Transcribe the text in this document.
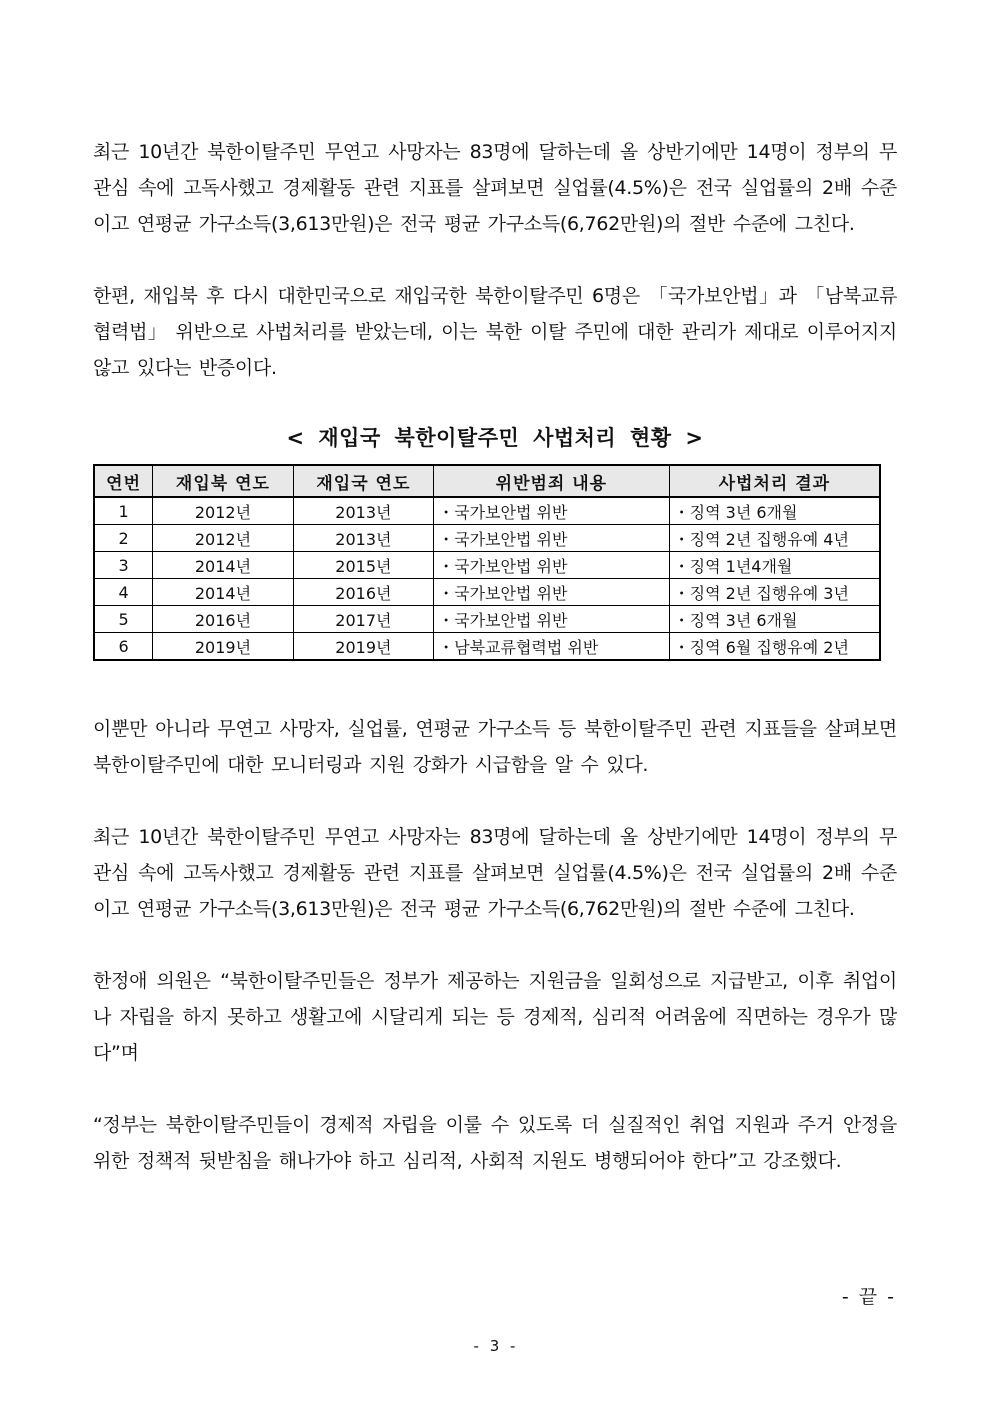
최근 10년간 북한이탈주민 무연고 사망자는 83명에 달하는데 올 상반기에만 14명이 정부의 무관심 속에 고독사했고 경제활동 관련 지표를 살펴보면 실업률(4.5%)은 전국 실업률의 2배 수준이고 연평균 가구소득(3,613만원)은 전국 평균 가구소득(6,762만원)의 절반 수준에 그친다.

한편, 재입북 후 다시 대한민국으로 재입국한 북한이탈주민 6명은 「국가보안법」과 「남북교류협력법」 위반으로 사법처리를 받았는데, 이는 북한 이탈 주민에 대한 관리가 제대로 이루어지지 않고 있다는 반증이다.

< 재입국 북한이탈주민 사법처리 현황 >
연번	재입북 연도	재입국 연도	위반범죄 내용	사법처리 결과
1	2012년	2013년	・국가보안법 위반	・징역 3년 6개월
2	2012년	2013년	・국가보안법 위반	・징역 2년 집행유예 4년
3	2014년	2015년	・국가보안법 위반	・징역 1년4개월
4	2014년	2016년	・국가보안법 위반	・징역 2년 집행유예 3년
5	2016년	2017년	・국가보안법 위반	・징역 3년 6개월
6	2019년	2019년	・남북교류협력법 위반	・징역 6월 집행유예 2년

이뿐만 아니라 무연고 사망자, 실업률, 연평균 가구소득 등 북한이탈주민 관련 지표들을 살펴보면 북한이탈주민에 대한 모니터링과 지원 강화가 시급함을 알 수 있다.

최근 10년간 북한이탈주민 무연고 사망자는 83명에 달하는데 올 상반기에만 14명이 정부의 무관심 속에 고독사했고 경제활동 관련 지표를 살펴보면 실업률(4.5%)은 전국 실업률의 2배 수준이고 연평균 가구소득(3,613만원)은 전국 평균 가구소득(6,762만원)의 절반 수준에 그친다.

한정애 의원은 “북한이탈주민들은 정부가 제공하는 지원금을 일회성으로 지급받고, 이후 취업이나 자립을 하지 못하고 생활고에 시달리게 되는 등 경제적, 심리적 어려움에 직면하는 경우가 많다”며

“정부는 북한이탈주민들이 경제적 자립을 이룰 수 있도록 더 실질적인 취업 지원과 주거 안정을 위한 정책적 뒷받침을 해나가야 하고 심리적, 사회적 지원도 병행되어야 한다”고 강조했다.

- 끝 -
- 3 -
